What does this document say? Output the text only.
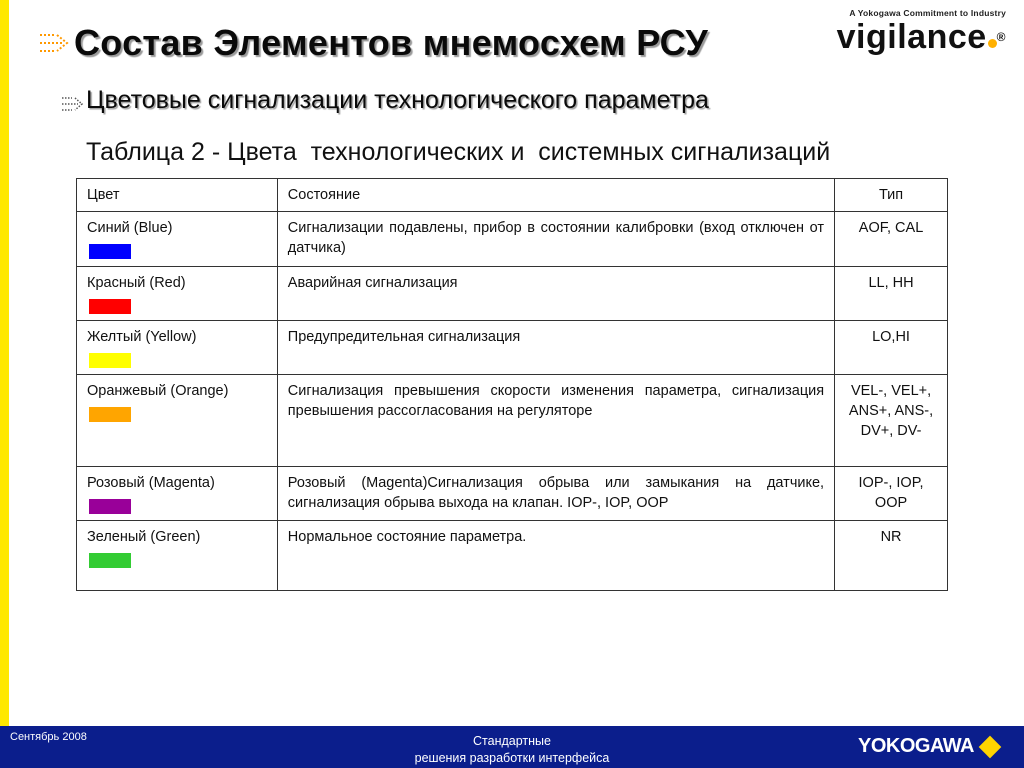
Состав Элементов мнемосхем РСУ
A Yokogawa Commitment to Industry
vigilance ®
Цветовые сигнализации технологического параметра
Таблица 2 - Цвета  технологических и  системных сигнализаций
Цвет	Состояние	Тип
Синий (Blue)	Сигнализации подавлены, прибор в состоянии калибровки (вход отключен от датчика)	AOF, CAL
Красный (Red)	Аварийная сигнализация	LL, HH
Желтый (Yellow)	Предупредительная сигнализация	LO,HI
Оранжевый (Orange)	Сигнализация превышения скорости изменения параметра, сигнализация превышения рассогласования на регуляторе	VEL-, VEL+, ANS+, ANS-, DV+, DV-
Розовый (Magenta)	Розовый (Magenta)Сигнализация обрыва или замыкания на датчике, сигнализация обрыва выхода на клапан. IOP-, IOP, OOP	IOP-, IOP, OOP
Зеленый (Green)	Нормальное состояние параметра.	NR
Сентябрь 2008	Стандартные
решения разработки интерфейса
YOKOGAWA
